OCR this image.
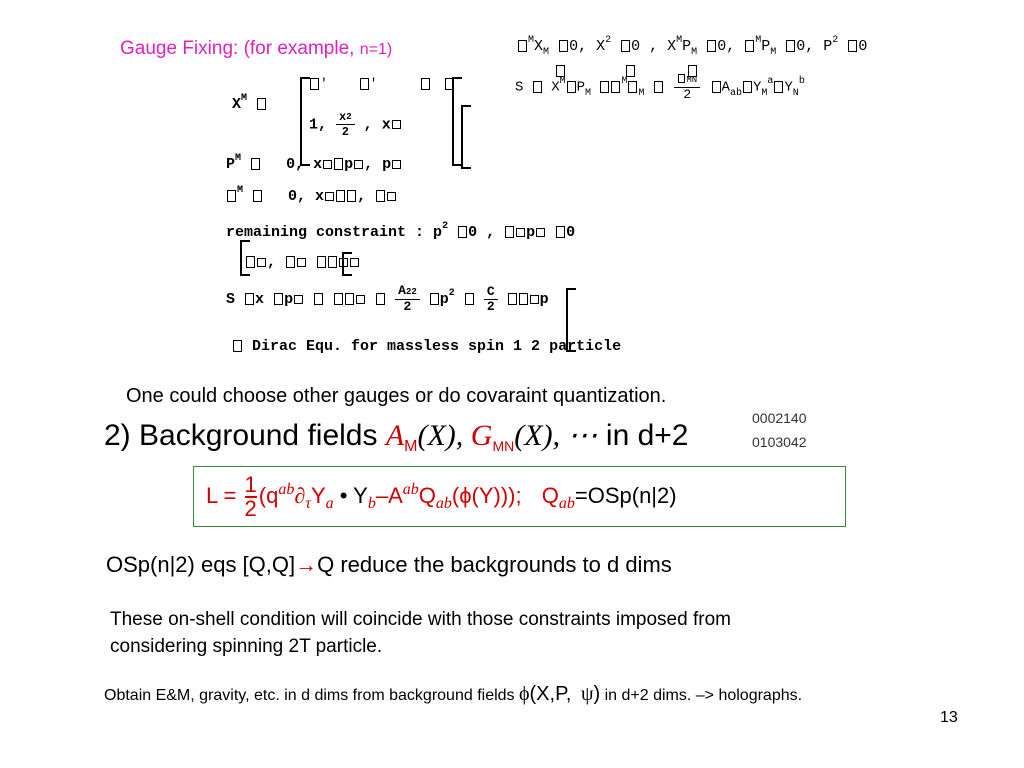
Gauge Fixing: (for example, n=1)
$^MX_M$ 0, $X^2$ 0 , $X^MP_M$ 0, $^MP_M$ 0, $P^2$ 0
S $X^M$ $P_M$ $^M_M$	$\frac{MN}{2} A_{ab}$ $Y_M^a$ $Y_N^b$
$X^M$
'	'
1, $\frac{x^2}{2}$ , x
$P^M$	0, x p , p
$^M$	0, x ,
remaining constraint : $p^2$ 0 , p 0
,
S x p	$\frac{A22}{2} p^2 \frac{C}{2}$	p
Dirac Equ. for massless spin 1 2 particle
One could choose other gauges or do covaraint quantization.
2) Background fields $A_M(X)$, $G_{MN}(X)$, ⋯ in d+2
0002140
0103042
$L = \frac{1}{2} (q^{ab}\partial_\tau Y_a$ • $Y_b-A^{ab}Q_{ab}(\phi(Y))$); $Q_{ab}=OSp(n|2)$
OSp(n|2) eqs [Q,Q]→Q reduce the backgrounds to d dims
These on-shell condition will coincide with those constraints imposed from
considering spinning 2T particle.
Obtain E&M, gravity, etc. in d dims from background fields ϕ(X,P, ψ) in d+2 dims. –> holographs.
13
